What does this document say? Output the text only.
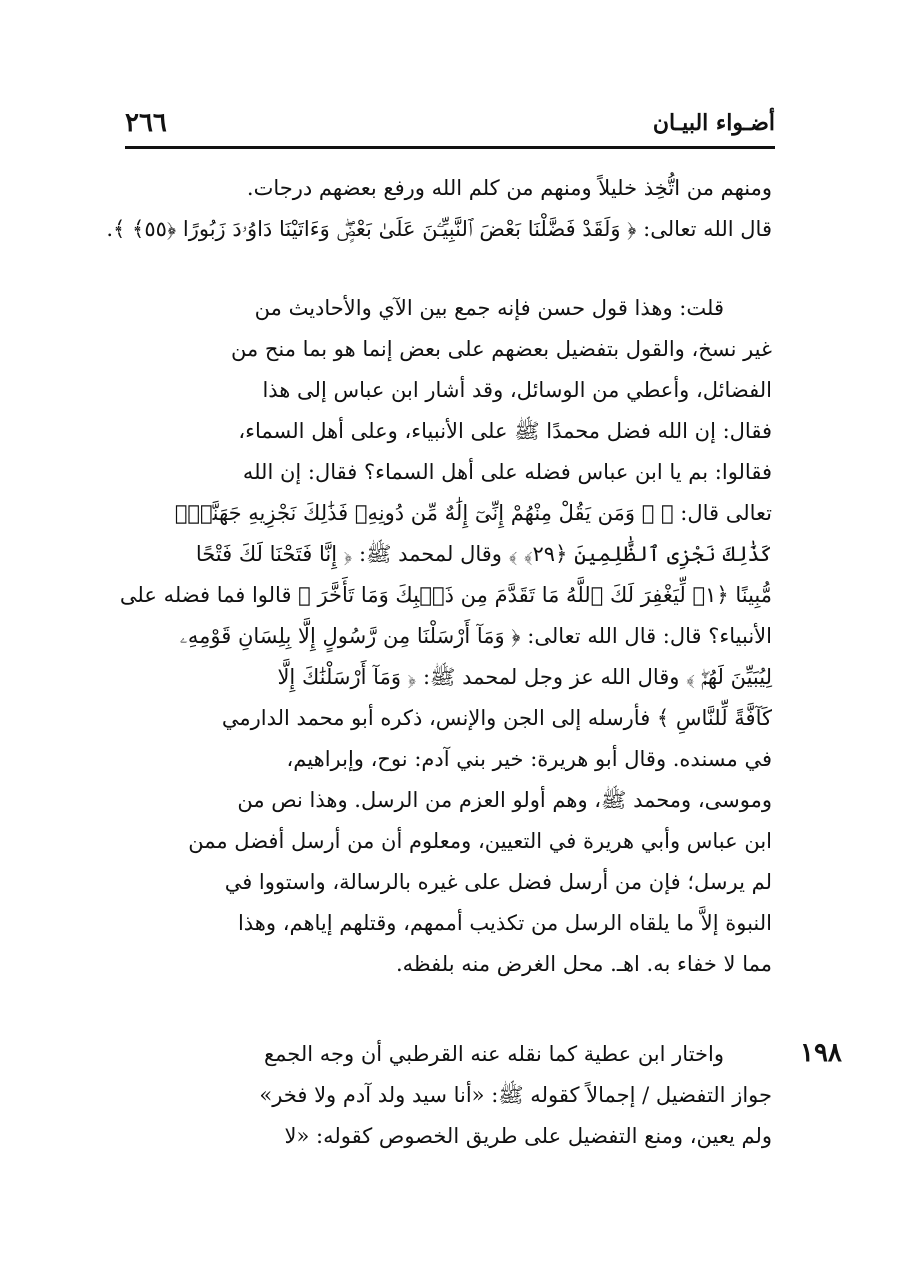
أضـواء البيـان
٢٦٦
ومنهم من اتُّخِذ خليلاً ومنهم من كلم الله ورفع بعضهم درجات.
قال الله تعالى: ﴿ وَلَقَدْ فَضَّلْنَا بَعْضَ ٱلنَّبِيِّـۧنَ عَلَىٰ بَعْضٍۖ وَءَاتَيْنَا دَاوُۥدَ زَبُورًا ﴿٥٥﴾ ﴾.
قلت: وهذا قول حسن فإنه جمع بين الآي والأحاديث من
غير نسخ، والقول بتفضيل بعضهم على بعض إنما هو بما منح من
الفضائل، وأعطي من الوسائل، وقد أشار ابن عباس إلى هذا
فقال: إن الله فضل محمدًا ﷺ على الأنبياء، وعلى أهل السماء،
فقالوا: بم يا ابن عباس فضله على أهل السماء؟ فقال: إن الله
تعالى قال: ﴿ ۞ وَمَن يَقُلْ مِنْهُمْ إِنِّىٓ إِلَٰهٌ مِّن دُونِهِۦ فَذَٰلِكَ نَجْزِيهِ جَهَنَّمَۚ
كَذَٰلِكَ نَجْزِى ٱلظَّٰلِمِينَ ﴿٢٩﴾ ﴾ وقال لمحمد ﷺ: ﴿ إِنَّا فَتَحْنَا لَكَ فَتْحًا
مُّبِينًا ﴿١﴾ لِّيَغْفِرَ لَكَ ٱللَّهُ مَا تَقَدَّمَ مِن ذَنۢبِكَ وَمَا تَأَخَّرَ ﴾ قالوا فما فضله على
الأنبياء؟ قال: قال الله تعالى: ﴿ وَمَآ أَرْسَلْنَا مِن رَّسُولٍ إِلَّا بِلِسَانِ قَوْمِهِۦ
لِيُبَيِّنَ لَهُمْۖ ﴾ وقال الله عز وجل لمحمد ﷺ: ﴿ وَمَآ أَرْسَلْنَٰكَ إِلَّا
كَآفَّةً لِّلنَّاسِ ﴾ فأرسله إلى الجن والإنس، ذكره أبو محمد الدارمي
في مسنده. وقال أبو هريرة: خير بني آدم: نوح، وإبراهيم،
وموسى، ومحمد ﷺ، وهم أولو العزم من الرسل. وهذا نص من
ابن عباس وأبي هريرة في التعيين، ومعلوم أن من أرسل أفضل ممن
لم يرسل؛ فإن من أرسل فضل على غيره بالرسالة، واستووا في
النبوة إلاَّ ما يلقاه الرسل من تكذيب أممهم، وقتلهم إياهم، وهذا
مما لا خفاء به. اهـ. محل الغرض منه بلفظه.
واختار ابن عطية كما نقله عنه القرطبي أن وجه الجمع
جواز التفضيل / إجمالاً كقوله ﷺ: «أنا سيد ولد آدم ولا فخر»
ولم يعين، ومنع التفضيل على طريق الخصوص كقوله: «لا
١٩٨
